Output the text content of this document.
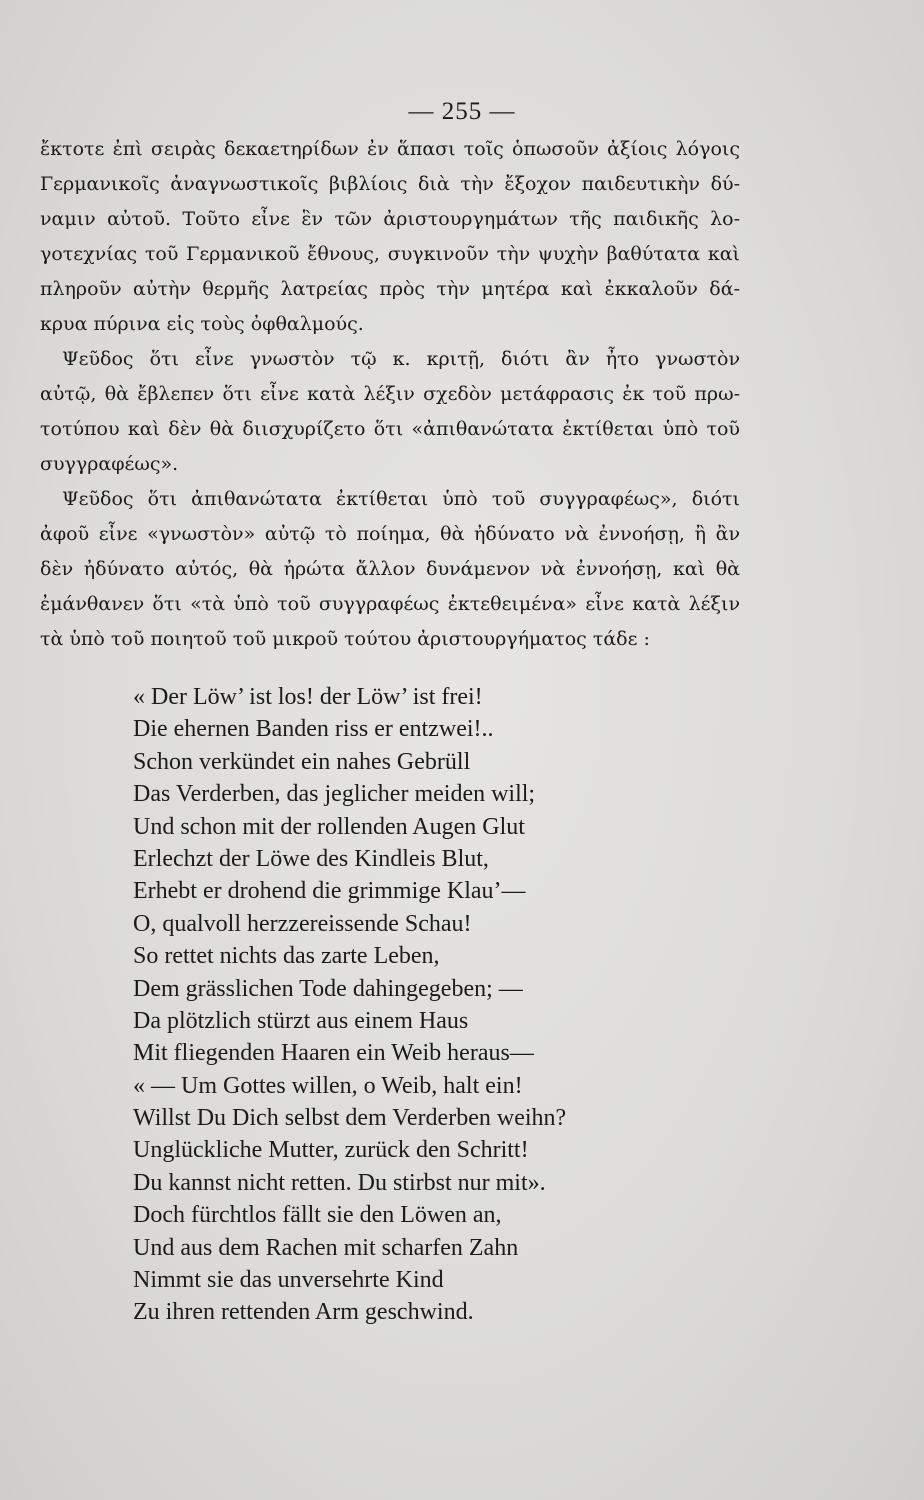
— 255 —
ἔκτοτε ἐπὶ σειρὰς δεκαετηρίδων ἐν ἅπασι τοῖς ὁπωσοῦν ἀξίοις λόγοις
Γερμανικοῖς ἀναγνωστικοῖς βιβλίοις διὰ τὴν ἔξοχον παιδευτικὴν δύ-
ναμιν αὐτοῦ. Τοῦτο εἶνε ἓν τῶν ἀριστουργημάτων τῆς παιδικῆς λο-
γοτεχνίας τοῦ Γερμανικοῦ ἔθνους, συγκινοῦν τὴν ψυχὴν βαθύτατα καὶ
πληροῦν αὐτὴν θερμῆς λατρείας πρὸς τὴν μητέρα καὶ ἐκκαλοῦν δά-
κρυα πύρινα εἰς τοὺς ὀφθαλμούς.
Ψεῦδος ὅτι εἶνε γνωστὸν τῷ κ. κριτῇ, διότι ἂν ἦτο γνωστὸν
αὐτῷ, θὰ ἔβλεπεν ὅτι εἶνε κατὰ λέξιν σχεδὸν μετάφρασις ἐκ τοῦ πρω-
τοτύπου καὶ δὲν θὰ διισχυρίζετο ὅτι «ἀπιθανώτατα ἐκτίθεται ὑπὸ τοῦ
συγγραφέως».
Ψεῦδος ὅτι ἀπιθανώτατα ἐκτίθεται ὑπὸ τοῦ συγγραφέως», διότι
ἀφοῦ εἶνε «γνωστὸν» αὐτῷ τὸ ποίημα, θὰ ἠδύνατο νὰ ἐννοήσῃ, ἢ ἂν
δὲν ἠδύνατο αὐτός, θὰ ἠρώτα ἄλλον δυνάμενον νὰ ἐννοήσῃ, καὶ θὰ
ἐμάνθανεν ὅτι «τὰ ὑπὸ τοῦ συγγραφέως ἐκτεθειμένα» εἶνε κατὰ λέξιν
τὰ ὑπὸ τοῦ ποιητοῦ τοῦ μικροῦ τούτου ἀριστουργήματος τάδε :
« Der Löw’ ist los! der Löw’ ist frei!
Die ehernen Banden riss er entzwei!..
Schon verkündet ein nahes Gebrüll
Das Verderben, das jeglicher meiden will;
Und schon mit der rollenden Augen Glut
Erlechzt der Löwe des Kindleis Blut,
Erhebt er drohend die grimmige Klau’—
O, qualvoll herzzereissende Schau!
So rettet nichts das zarte Leben,
Dem grässlichen Tode dahingegeben; —
Da plötzlich stürzt aus einem Haus
Mit fliegenden Haaren ein Weib heraus—
« — Um Gottes willen, o Weib, halt ein!
Willst Du Dich selbst dem Verderben weihn?
Unglückliche Mutter, zurück den Schritt!
Du kannst nicht retten. Du stirbst nur mit».
Doch fürchtlos fällt sie den Löwen an,
Und aus dem Rachen mit scharfen Zahn
Nimmt sie das unversehrte Kind
Zu ihren rettenden Arm geschwind.
